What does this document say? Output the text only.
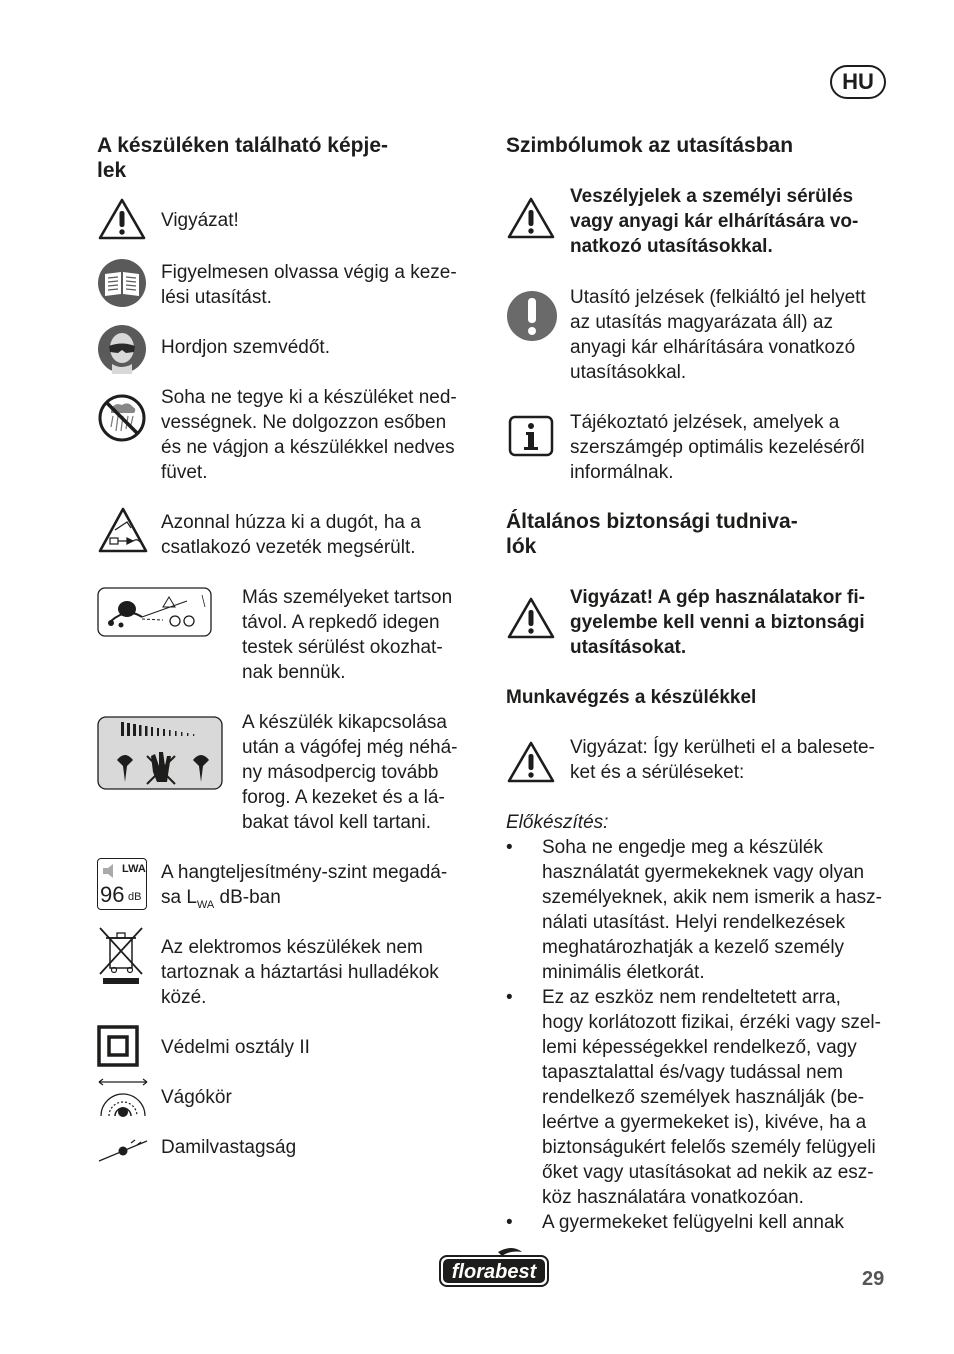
HU
A készüléken található képje-
lek
Vigyázat!
Figyelmesen olvassa végig a keze-
lési utasítást.
Hordjon szemvédőt.
Soha ne tegye ki a készüléket ned-
vességnek. Ne dolgozzon esőben
és ne vágjon a készülékkel nedves
füvet.
Azonnal húzza ki a dugót, ha a
csatlakozó vezeték megsérült.
Más személyeket tartson
távol. A repkedő idegen
testek sérülést okozhat-
nak bennük.
A készülék kikapcsolása
után a vágófej még néhá-
ny másodpercig tovább
forog. A kezeket és a lá-
bakat távol kell tartani.
LWA
96 dB
A hangteljesítmény-szint megadá-
sa $L_{WA}$ dB-ban
Az elektromos készülékek nem
tartoznak a háztartási hulladékok
közé.
Védelmi osztály II
Vágókör
Damilvastagság
Szimbólumok az utasításban
Veszélyjelek a személyi sérülés
vagy anyagi kár elhárítására vo-
natkozó utasításokkal.
Utasító jelzések (felkiáltó jel helyett
az utasítás magyarázata áll) az
anyagi kár elhárítására vonatkozó
utasításokkal.
Tájékoztató jelzések, amelyek a
szerszámgép optimális kezeléséről
informálnak.
Általános biztonsági tudniva-
lók
Vigyázat! A gép használatakor fi-
gyelembe kell venni a biztonsági
utasításokat.
Munkavégzés a készülékkel
Vigyázat: Így kerülheti el a balesete-
ket és a sérüléseket:
Előkészítés:
• Soha ne engedje meg a készülék
használatát gyermekeknek vagy olyan
személyeknek, akik nem ismerik a hasz-
nálati utasítást. Helyi rendelkezések
meghatározhatják a kezelő személy
minimális életkorát.
• Ez az eszköz nem rendeltetett arra,
hogy korlátozott fizikai, érzéki vagy szel-
lemi képességekkel rendelkező, vagy
tapasztalattal és/vagy tudással nem
rendelkező személyek használják (be-
leértve a gyermekeket is), kivéve, ha a
biztonságukért felelős személy felügyeli
őket vagy utasításokat ad nekik az esz-
köz használatára vonatkozóan.
• A gyermekeket felügyelni kell annak
florabest	29
